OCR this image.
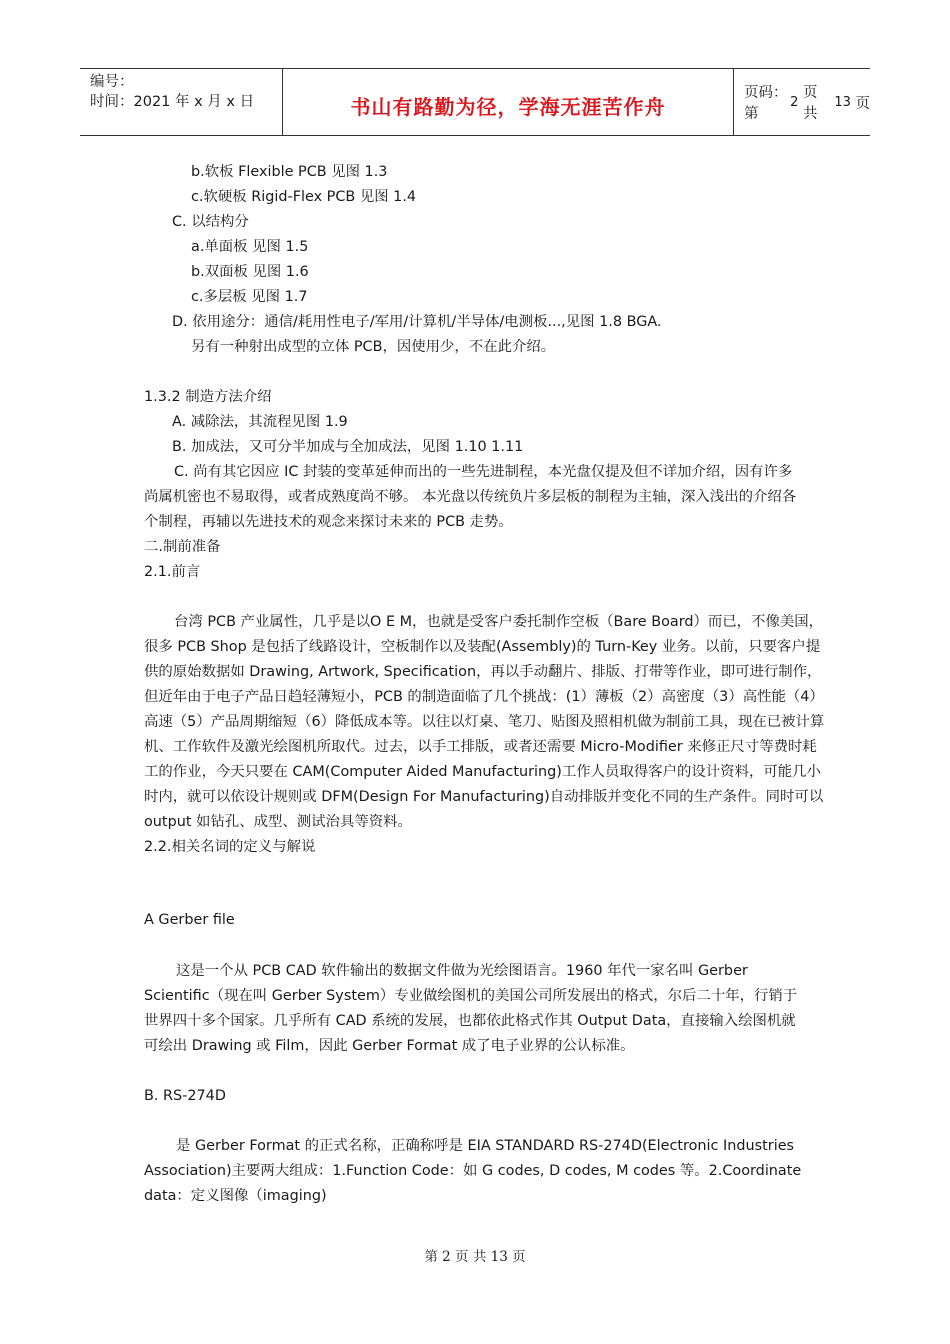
编号：
时间：2021 年 x 月 x 日	书山有路勤为径，学海无涯苦作舟
页码：第
2

页 共

13
页

b.软板 Flexible PCB 见图 1.3

c.软硬板 Rigid-Flex PCB 见图 1.4

C. 以结构分

a.单面板 见图 1.5

b.双面板 见图 1.6

c.多层板 见图 1.7

D. 依用途分：通信/耗用性电子/军用/计算机/半导体/电测板...,见图 1.8 BGA.

另有一种射出成型的立体 PCB，因使用少，不在此介绍。

1.3.2 制造方法介绍

A. 减除法，其流程见图 1.9

B. 加成法，又可分半加成与全加成法，见图 1.10 1.11

C. 尚有其它因应 IC 封装的变革延伸而出的一些先进制程，本光盘仅提及但不详加介绍，因有许多尚属机密也不易取得，或者成熟度尚不够。 本光盘以传统负片多层板的制程为主轴，深入浅出的介绍各个制程，再辅以先进技术的观念来探讨未来的 PCB 走势。

二.制前准备

2.1.前言

台湾 PCB 产业属性，几乎是以O E M，也就是受客户委托制作空板（Bare Board）而已，不像美国，很多 PCB Shop 是包括了线路设计，空板制作以及装配(Assembly)的 Turn-Key 业务。以前，只要客户提供的原始数据如 Drawing, Artwork, Specification，再以手动翻片、排版、打带等作业，即可进行制作，但近年由于电子产品日趋轻薄短小，PCB 的制造面临了几个挑战：(1）薄板（2）高密度（3）高性能（4）高速（5）产品周期缩短（6）降低成本等。以往以灯桌、笔刀、贴图及照相机做为制前工具，现在已被计算机、工作软件及激光绘图机所取代。过去，以手工排版，或者还需要 Micro-Modifier 来修正尺寸等费时耗工的作业，今天只要在 CAM(Computer Aided Manufacturing)工作人员取得客户的设计资料，可能几小时内，就可以依设计规则或 DFM(Design For Manufacturing)自动排版并变化不同的生产条件。同时可以 output 如钻孔、成型、测试治具等资料。

2.2.相关名词的定义与解说

A Gerber file

这是一个从 PCB CAD 软件输出的数据文件做为光绘图语言。1960 年代一家名叫 Gerber Scientific（现在叫 Gerber System）专业做绘图机的美国公司所发展出的格式，尔后二十年，行销于世界四十多个国家。几乎所有 CAD 系统的发展，也都依此格式作其 Output Data，直接输入绘图机就可绘出 Drawing 或 Film，因此 Gerber Format 成了电子业界的公认标准。

B. RS-274D

是 Gerber Format 的正式名称，正确称呼是 EIA STANDARD RS-274D(Electronic Industries Association)主要两大组成：1.Function Code：如 G codes, D codes, M codes 等。2.Coordinate data：定义图像（imaging)

第 2 页 共 13 页
